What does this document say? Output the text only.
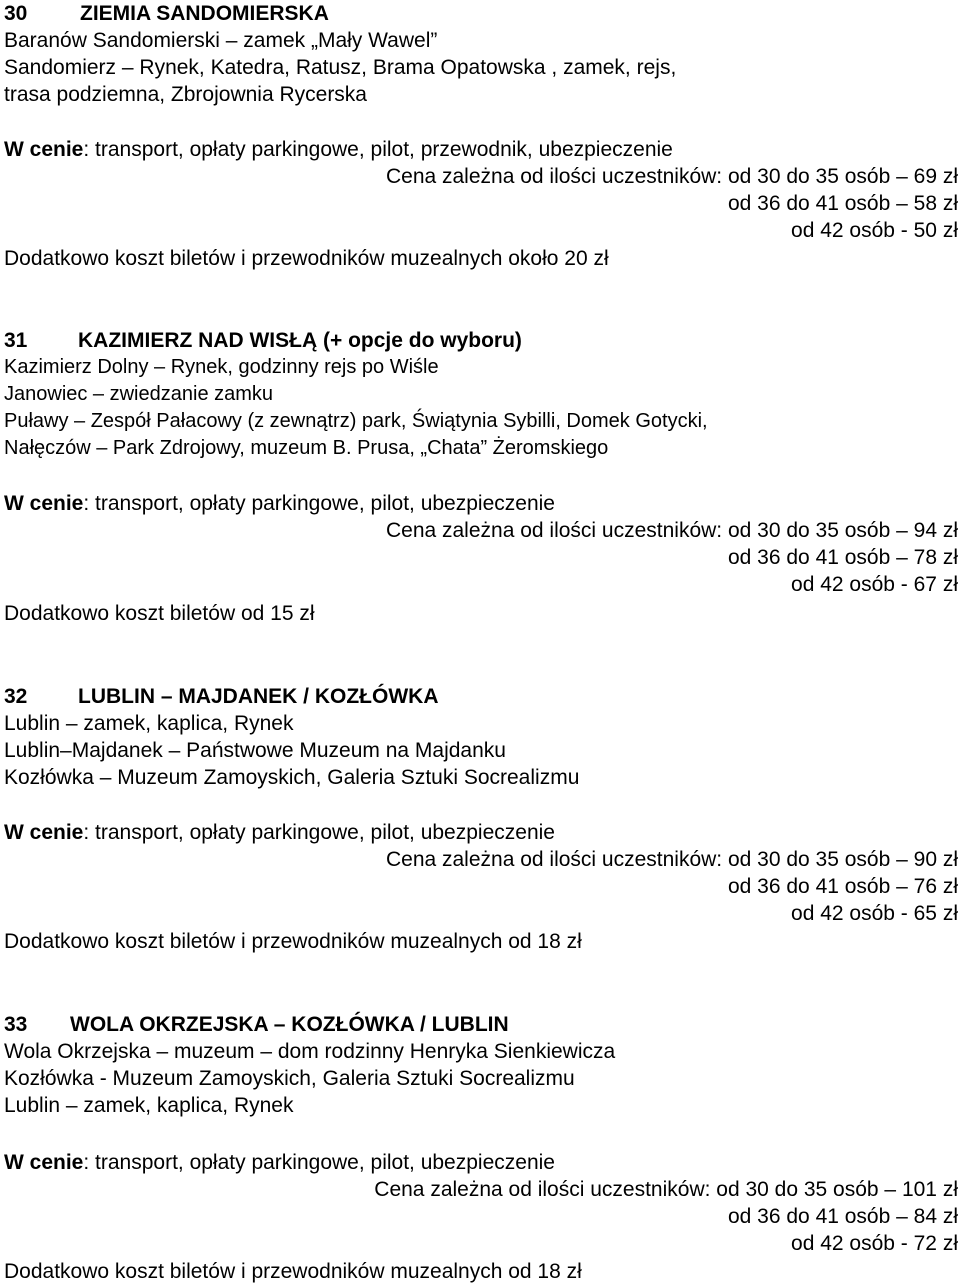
30	ZIEMIA SANDOMIERSKA
Baranów Sandomierski – zamek „Mały Wawel”
Sandomierz – Rynek, Katedra, Ratusz, Brama Opatowska , zamek, rejs,
trasa podziemna, Zbrojownia Rycerska
W cenie: transport, opłaty parkingowe, pilot, przewodnik, ubezpieczenie
Cena zależna od ilości uczestników: od 30 do 35 osób – 69 zł
od 36 do 41 osób – 58 zł
od 42 osób - 50 zł
Dodatkowo koszt biletów i przewodników muzealnych około 20 zł
31 KAZIMIERZ NAD WISŁĄ (+ opcje do wyboru)
Kazimierz Dolny – Rynek, godzinny rejs po Wiśle
Janowiec – zwiedzanie zamku
Puławy – Zespół Pałacowy (z zewnątrz) park, Świątynia Sybilli, Domek Gotycki,
Nałęczów – Park Zdrojowy, muzeum B. Prusa, „Chata” Żeromskiego
W cenie: transport, opłaty parkingowe, pilot, ubezpieczenie
Cena zależna od ilości uczestników: od 30 do 35 osób – 94 zł
od 36 do 41 osób – 78 zł
od 42 osób - 67 zł
Dodatkowo koszt biletów od 15 zł
32 LUBLIN – MAJDANEK / KOZŁÓWKA
Lublin – zamek, kaplica, Rynek
Lublin–Majdanek – Państwowe Muzeum na Majdanku
Kozłówka – Muzeum Zamoyskich, Galeria Sztuki Socrealizmu
W cenie: transport, opłaty parkingowe, pilot, ubezpieczenie
Cena zależna od ilości uczestników: od 30 do 35 osób – 90 zł
od 36 do 41 osób – 76 zł
od 42 osób - 65 zł
Dodatkowo koszt biletów i przewodników muzealnych od 18 zł
33 WOLA OKRZEJSKA – KOZŁÓWKA / LUBLIN
Wola Okrzejska – muzeum – dom rodzinny Henryka Sienkiewicza
Kozłówka - Muzeum Zamoyskich, Galeria Sztuki Socrealizmu
Lublin – zamek, kaplica, Rynek
W cenie: transport, opłaty parkingowe, pilot, ubezpieczenie
Cena zależna od ilości uczestników: od 30 do 35 osób – 101 zł
od 36 do 41 osób – 84 zł
od 42 osób - 72 zł
Dodatkowo koszt biletów i przewodników muzealnych od 18 zł
